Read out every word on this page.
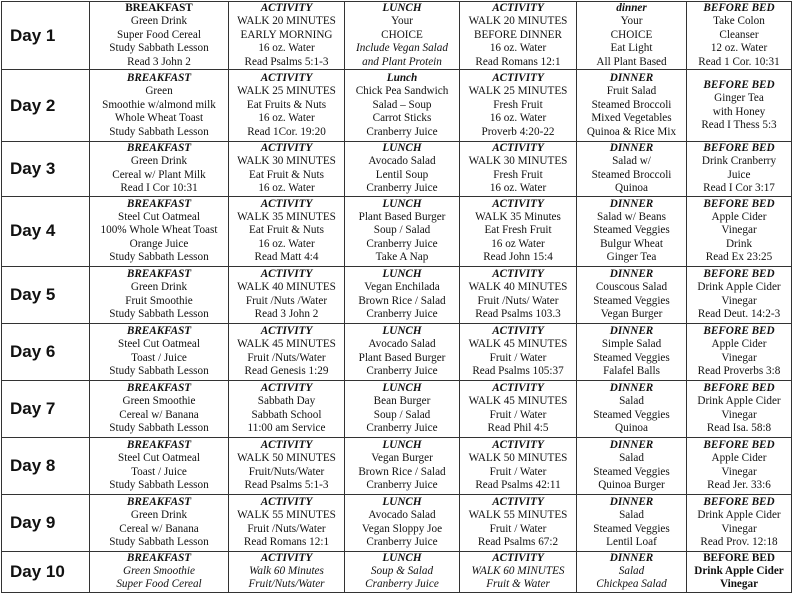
Day 1	BREAKFAST
Green Drink
Super Food Cereal
Study Sabbath Lesson
Read 3 John 2	ACTIVITY
WALK 20 MINUTES
EARLY MORNING
16 oz. Water
Read Psalms 5:1-3	LUNCH
Your
CHOICE
Include Vegan Salad
and Plant Protein	ACTIVITY
WALK 20 MINUTES
BEFORE DINNER
16 oz. Water
Read Romans 12:1	dinner
Your
CHOICE
Eat Light
All Plant Based	BEFORE BED
Take Colon
Cleanser
12 oz. Water
Read 1 Cor. 10:31

Day 2	BREAKFAST
Green
Smoothie w/almond milk
Whole Wheat Toast
Study Sabbath Lesson	ACTIVITY
WALK 25 MINUTES
Eat Fruits & Nuts
16 oz. Water
Read 1Cor. 19:20	Lunch
Chick Pea Sandwich
Salad – Soup
Carrot Sticks
Cranberry Juice	ACTIVITY
WALK 25 MINUTES
Fresh Fruit
16 oz. Water
Proverb 4:20-22	DINNER
Fruit Salad
Steamed Broccoli
Mixed Vegetables
Quinoa & Rice Mix	BEFORE BED
Ginger Tea
with Honey
Read I Thess 5:3

Day 3	BREAKFAST
Green Drink
Cereal w/ Plant Milk
Read I Cor 10:31	ACTIVITY
WALK 30 MINUTES
Eat Fruit & Nuts
16 oz. Water	LUNCH
Avocado Salad
Lentil Soup
Cranberry Juice	ACTIVITY
WALK 30 MINUTES
Fresh Fruit
16 oz. Water	DINNER
Salad w/
Steamed Broccoli
Quinoa	BEFORE BED
Drink Cranberry
Juice
Read I Cor 3:17

Day 4	BREAKFAST
Steel Cut Oatmeal
100% Whole Wheat Toast
Orange Juice
Study Sabbath Lesson	ACTIVITY
WALK 35 MINUTES
Eat Fruit & Nuts
16 oz. Water
Read Matt 4:4	LUNCH
Plant Based Burger
Soup / Salad
Cranberry Juice
Take A Nap	ACTIVITY
WALK 35 Minutes
Eat Fresh Fruit
16 oz Water
Read John 15:4	DINNER
Salad w/ Beans
Steamed Veggies
Bulgur Wheat
Ginger Tea	BEFORE BED
Apple Cider
Vinegar
Drink
Read Ex 23:25

Day 5	BREAKFAST
Green Drink
Fruit Smoothie
Study Sabbath Lesson	ACTIVITY
WALK 40 MINUTES
Fruit /Nuts /Water
Read 3 John 2	LUNCH
Vegan Enchilada
Brown Rice / Salad
Cranberry Juice	ACTIVITY
WALK 40 MINUTES
Fruit /Nuts/ Water
Read Psalms 103.3	DINNER
Couscous Salad
Steamed Veggies
Vegan Burger	BEFORE BED
Drink Apple Cider
Vinegar
Read Deut. 14:2-3

Day 6	BREAKFAST
Steel Cut Oatmeal
Toast / Juice
Study Sabbath Lesson	ACTIVITY
WALK 45 MINUTES
Fruit /Nuts/Water
Read Genesis 1:29	LUNCH
Avocado Salad
Plant Based Burger
Cranberry Juice	ACTIVITY
WALK 45 MINUTES
Fruit / Water
Read Psalms 105:37	DINNER
Simple Salad
Steamed Veggies
Falafel Balls	BEFORE BED
Apple Cider
Vinegar
Read Proverbs 3:8

Day 7	BREAKFAST
Green Smoothie
Cereal w/ Banana
Study Sabbath Lesson	ACTIVITY
Sabbath Day
Sabbath School
11:00 am Service	LUNCH
Bean Burger
Soup / Salad
Cranberry Juice	ACTIVITY
WALK 45 MINUTES
Fruit / Water
Read Phil 4:5	DINNER
Salad
Steamed Veggies
Quinoa	BEFORE BED
Drink Apple Cider
Vinegar
Read Isa. 58:8

Day 8	BREAKFAST
Steel Cut Oatmeal
Toast / Juice
Study Sabbath Lesson	ACTIVITY
WALK 50 MINUTES
Fruit/Nuts/Water
Read Psalms 5:1-3	LUNCH
Vegan Burger
Brown Rice / Salad
Cranberry Juice	ACTIVITY
WALK 50 MINUTES
Fruit / Water
Read Psalms 42:11	DINNER
Salad
Steamed Veggies
Quinoa Burger	BEFORE BED
Apple Cider
Vinegar
Read Jer. 33:6

Day 9	BREAKFAST
Green Drink
Cereal w/ Banana
Study Sabbath Lesson	ACTIVITY
WALK 55 MINUTES
Fruit /Nuts/Water
Read Romans 12:1	LUNCH
Avocado Salad
Vegan Sloppy Joe
Cranberry Juice	ACTIVITY
WALK 55 MINUTES
Fruit / Water
Read Psalms 67:2	DINNER
Salad
Steamed Veggies
Lentil Loaf	BEFORE BED
Drink Apple Cider
Vinegar
Read Prov. 12:18

Day 10	BREAKFAST
Green Smoothie
Super Food Cereal	ACTIVITY
Walk 60 Minutes
Fruit/Nuts/Water	LUNCH
Soup & Salad
Cranberry Juice	ACTIVITY
WALK 60 MINUTES
Fruit & Water	DINNER
Salad
Chickpea Salad	BEFORE BED
Drink Apple Cider
Vinegar
